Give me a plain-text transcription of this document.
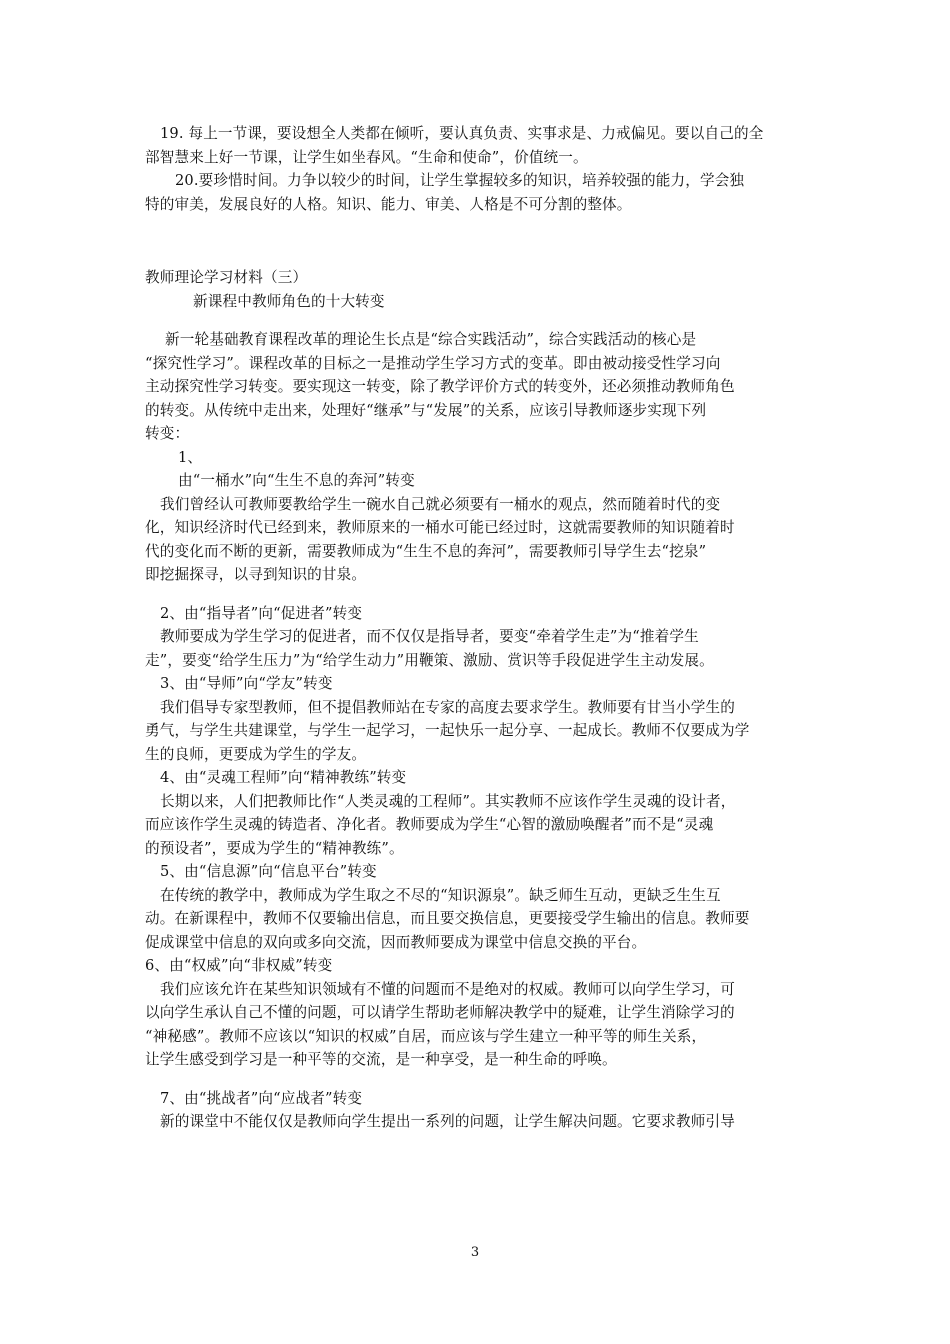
19. 每上一节课，要设想全人类都在倾听，要认真负责、实事求是、力戒偏见。要以自己的全
部智慧来上好一节课，让学生如坐春风。“生命和使命”，价值统一。
20.要珍惜时间。力争以较少的时间，让学生掌握较多的知识，培养较强的能力，学会独
特的审美，发展良好的人格。知识、能力、审美、人格是不可分割的整体。
教师理论学习材料（三）
新课程中教师角色的十大转变
新一轮基础教育课程改革的理论生长点是“综合实践活动”，综合实践活动的核心是
“探究性学习”。课程改革的目标之一是推动学生学习方式的变革。即由被动接受性学习向
主动探究性学习转变。要实现这一转变，除了教学评价方式的转变外，还必须推动教师角色
的转变。从传统中走出来，处理好“继承”与“发展”的关系，应该引导教师逐步实现下列
转变：
1、
由“一桶水”向“生生不息的奔河”转变
我们曾经认可教师要教给学生一碗水自己就必须要有一桶水的观点，然而随着时代的变
化，知识经济时代已经到来，教师原来的一桶水可能已经过时，这就需要教师的知识随着时
代的变化而不断的更新，需要教师成为“生生不息的奔河”，需要教师引导学生去“挖泉”
即挖掘探寻，以寻到知识的甘泉。
2、由“指导者”向“促进者”转变
教师要成为学生学习的促进者，而不仅仅是指导者，要变“牵着学生走”为“推着学生
走”，要变“给学生压力”为“给学生动力”用鞭策、激励、赏识等手段促进学生主动发展。
3、由“导师”向“学友”转变
我们倡导专家型教师，但不提倡教师站在专家的高度去要求学生。教师要有甘当小学生的
勇气，与学生共建课堂，与学生一起学习，一起快乐一起分享、一起成长。教师不仅要成为学
生的良师，更要成为学生的学友。
4、由“灵魂工程师”向“精神教练”转变
长期以来，人们把教师比作“人类灵魂的工程师”。其实教师不应该作学生灵魂的设计者，
而应该作学生灵魂的铸造者、净化者。教师要成为学生“心智的激励唤醒者”而不是“灵魂
的预设者”，要成为学生的“精神教练”。
5、由“信息源”向“信息平台”转变
在传统的教学中，教师成为学生取之不尽的“知识源泉”。缺乏师生互动，更缺乏生生互
动。在新课程中，教师不仅要输出信息，而且要交换信息，更要接受学生输出的信息。教师要
促成课堂中信息的双向或多向交流，因而教师要成为课堂中信息交换的平台。
6、由“权威”向“非权威”转变
我们应该允许在某些知识领域有不懂的问题而不是绝对的权威。教师可以向学生学习，可
以向学生承认自己不懂的问题，可以请学生帮助老师解决教学中的疑难，让学生消除学习的
“神秘感”。教师不应该以“知识的权威”自居，而应该与学生建立一种平等的师生关系，
让学生感受到学习是一种平等的交流，是一种享受，是一种生命的呼唤。
7、由“挑战者”向“应战者”转变
新的课堂中不能仅仅是教师向学生提出一系列的问题，让学生解决问题。它要求教师引导
3
